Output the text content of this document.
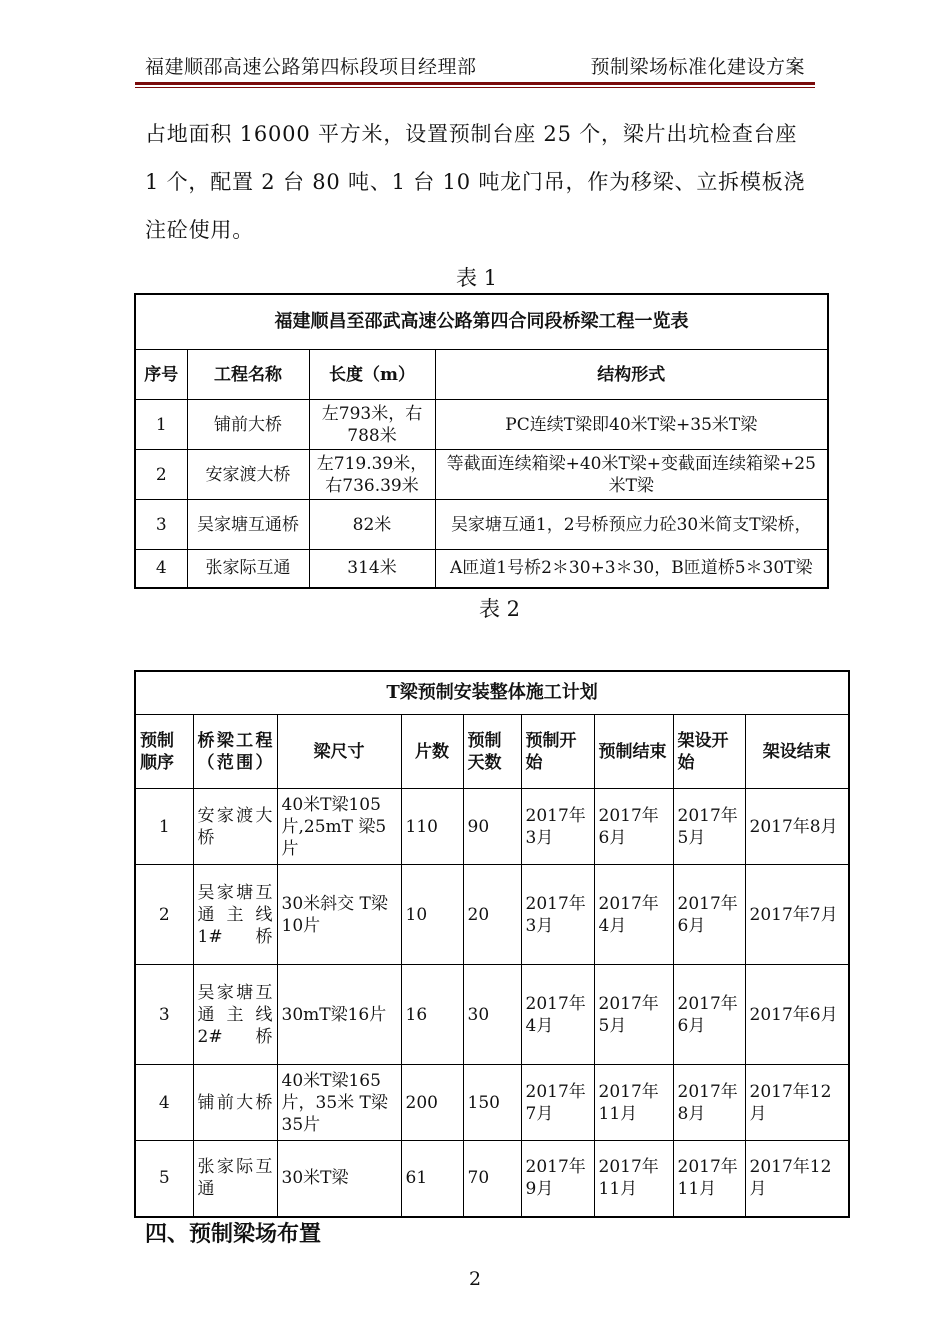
福建顺邵高速公路第四标段项目经理部	预制梁场标准化建设方案
占地面积 16000 平方米，设置预制台座 25 个，梁片出坑检查台座 1 个，配置 2 台 80 吨、1 台 10 吨龙门吊，作为移梁、立拆模板浇注砼使用。
表 1
福建顺昌至邵武高速公路第四合同段桥梁工程一览表			
序号	工程名称	长度（m）	结构形式
1	铺前大桥	左793米，右788米	PC连续T梁即40米T梁+35米T梁
2	安家渡大桥	左719.39米，右736.39米	等截面连续箱梁+40米T梁+变截面连续箱梁+25米T梁
3	吴家塘互通桥	82米	吴家塘互通1，2号桥预应力砼30米简支T梁桥，
4	张家际互通	314米	A匝道1号桥2＊30+3＊30，B匝道桥5＊30T梁
表 2
T梁预制安装整体施工计划								
预制顺序	桥梁工程（范围）	梁尺寸	片数	预制天数	预制开始	预制结束	架设开始	架设结束
1	安家渡大桥	40米T梁105片,25mT 梁5片	110	90	2017年3月	2017年6月	2017年5月	2017年8月
2	吴家塘互通主线1#桥	30米斜交 T梁10片	10	20	2017年3月	2017年4月	2017年6月	2017年7月
3	吴家塘互通主线2#桥	30mT梁16片	16	30	2017年4月	2017年5月	2017年6月	2017年6月
4	铺前大桥	40米T梁165片，35米 T梁35片	200	150	2017年7月	2017年11月	2017年8月	2017年12月
5	张家际互通	30米T梁	61	70	2017年9月	2017年11月	2017年 11月	2017年12月
四、预制梁场布置
2
